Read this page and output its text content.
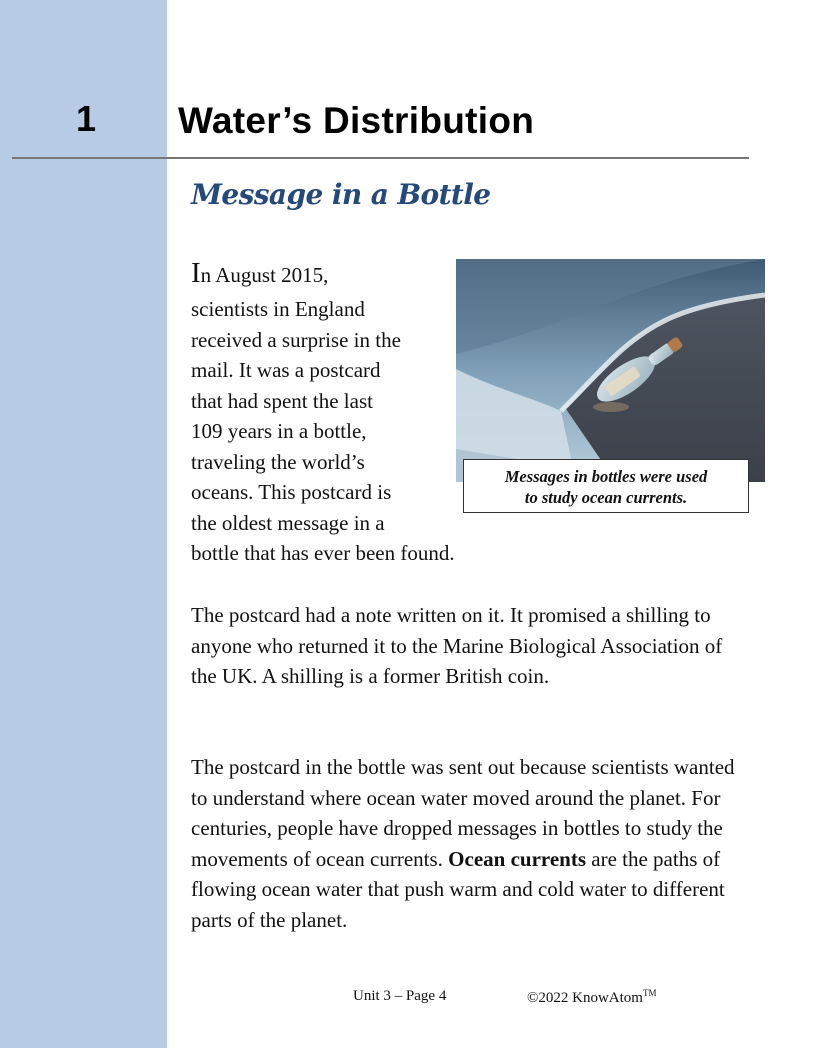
1 Water’s Distribution
Message in a Bottle
In August 2015,
scientists in England
received a surprise in the
mail. It was a postcard
that had spent the last
109 years in a bottle,
traveling the world’s
oceans. This postcard is
the oldest message in a
bottle that has ever been found.
Messages in bottles were used
to study ocean currents.
The postcard had a note written on it. It promised a shilling to anyone who returned it to the Marine Biological Association of the UK. A shilling is a former British coin.
The postcard in the bottle was sent out because scientists wanted to understand where ocean water moved around the planet. For centuries, people have dropped messages in bottles to study the movements of ocean currents. Ocean currents are the paths of flowing ocean water that push warm and cold water to different parts of the planet.
Unit 3 – Page 4	©2022 KnowAtom™
